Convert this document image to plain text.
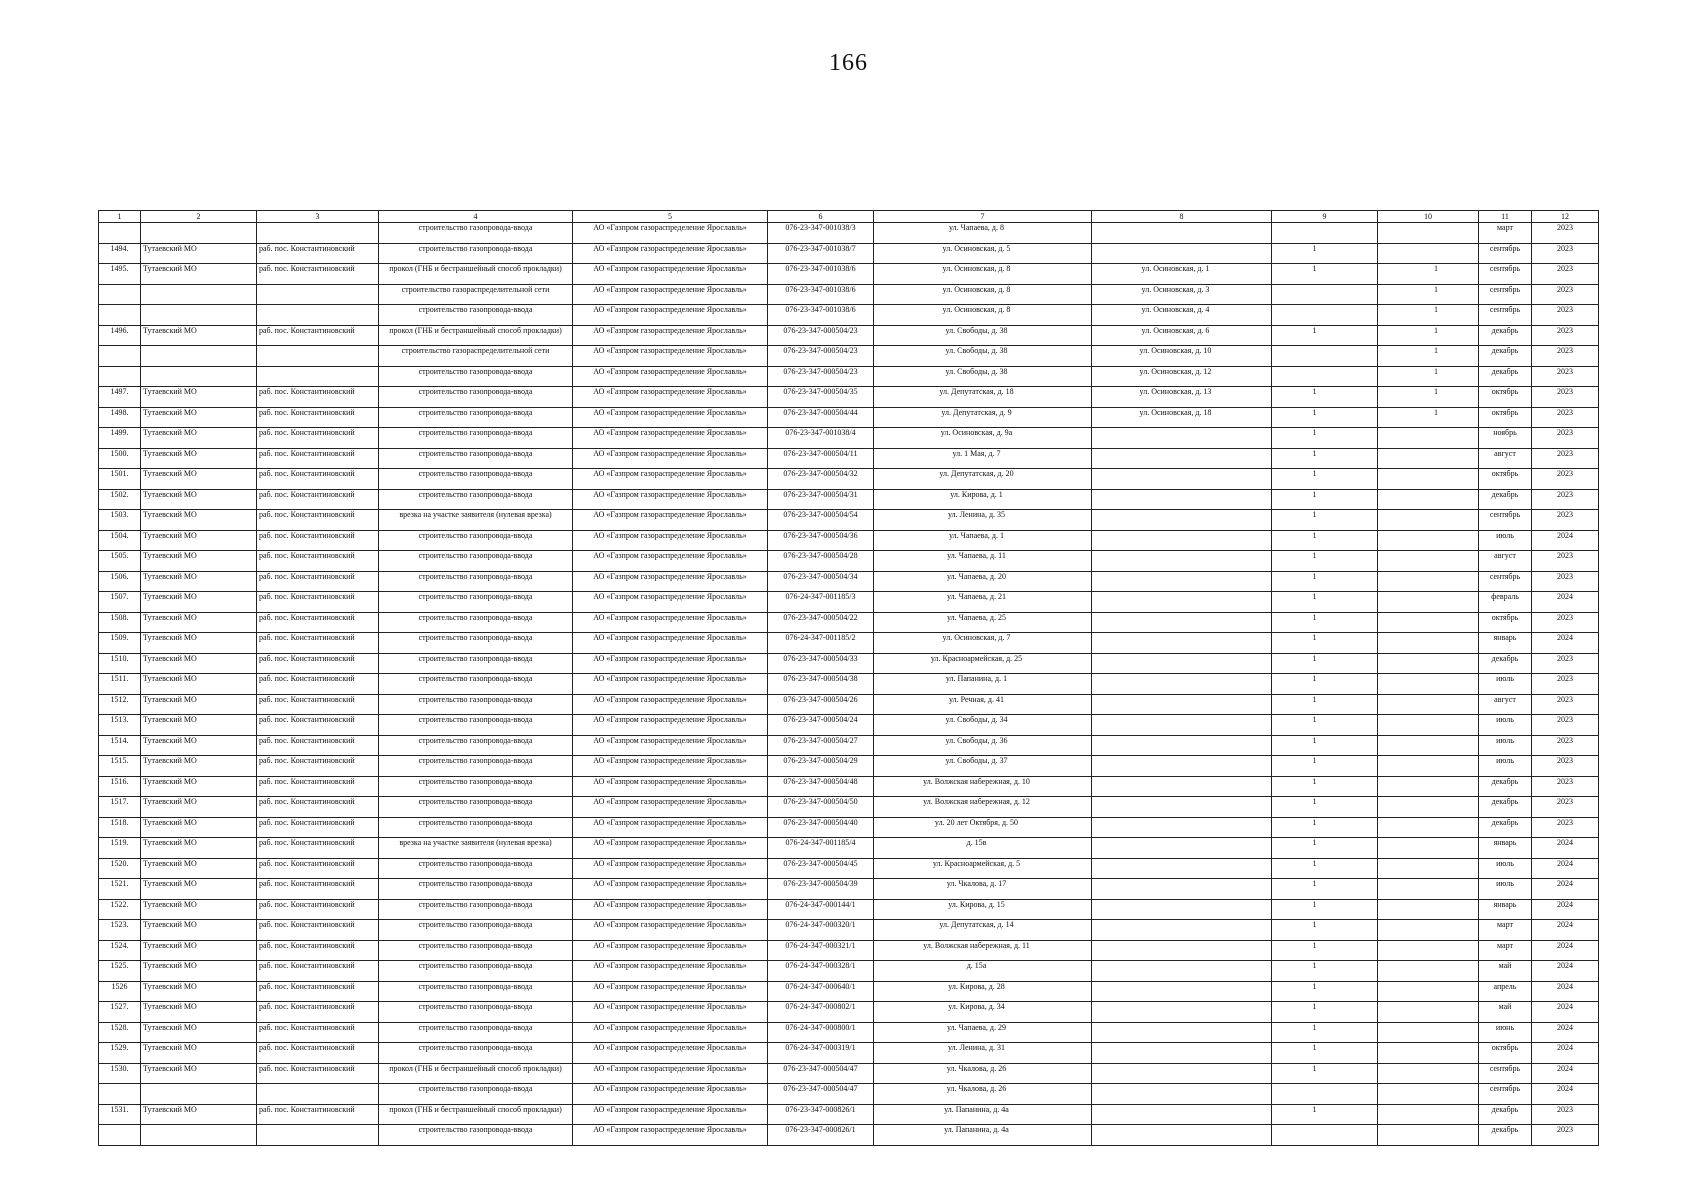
166
1	2	3	4	5	6	7	8	9	10	11	12
			строительство газопровода-ввода	АО «Газпром газораспределение Ярославль»	076-23-347-001038/3	ул. Чапаева, д. 8				март	2023
1494.	Тутаевский МО	раб. пос. Константиновский	строительство газопровода-ввода	АО «Газпром газораспределение Ярославль»	076-23-347-001038/7	ул. Осиновская, д. 5		1		сентябрь	2023
1495.	Тутаевский МО	раб. пос. Константиновский	прокол (ГНБ и бестраншейный способ прокладки)	АО «Газпром газораспределение Ярославль»	076-23-347-001038/6	ул. Осиновская, д. 8	ул. Осиновская, д. 1	1	1	сентябрь	2023
			строительство газораспределительной сети	АО «Газпром газораспределение Ярославль»	076-23-347-001038/6	ул. Осиновская, д. 8	ул. Осиновская, д. 3		1	сентябрь	2023
			строительство газопровода-ввода	АО «Газпром газораспределение Ярославль»	076-23-347-001038/6	ул. Осиновская, д. 8	ул. Осиновская, д. 4		1	сентябрь	2023
1496.	Тутаевский МО	раб. пос. Константиновский	прокол (ГНБ и бестраншейный способ прокладки)	АО «Газпром газораспределение Ярославль»	076-23-347-000504/23	ул. Свободы, д. 38	ул. Осиновская, д. 6	1	1	декабрь	2023
			строительство газораспределительной сети	АО «Газпром газораспределение Ярославль»	076-23-347-000504/23	ул. Свободы, д. 38	ул. Осиновская, д. 10		1	декабрь	2023
			строительство газопровода-ввода	АО «Газпром газораспределение Ярославль»	076-23-347-000504/23	ул. Свободы, д. 38	ул. Осиновская, д. 12		1	декабрь	2023
1497.	Тутаевский МО	раб. пос. Константиновский	строительство газопровода-ввода	АО «Газпром газораспределение Ярославль»	076-23-347-000504/35	ул. Депутатская, д. 18	ул. Осиновская, д. 13	1	1	октябрь	2023
1498.	Тутаевский МО	раб. пос. Константиновский	строительство газопровода-ввода	АО «Газпром газораспределение Ярославль»	076-23-347-000504/44	ул. Депутатская, д. 9	ул. Осиновская, д. 18	1	1	октябрь	2023
1499.	Тутаевский МО	раб. пос. Константиновский	строительство газопровода-ввода	АО «Газпром газораспределение Ярославль»	076-23-347-001038/4	ул. Осиновская, д. 9а		1		ноябрь	2023
1500.	Тутаевский МО	раб. пос. Константиновский	строительство газопровода-ввода	АО «Газпром газораспределение Ярославль»	076-23-347-000504/11	ул. 1 Мая, д. 7		1		август	2023
1501.	Тутаевский МО	раб. пос. Константиновский	строительство газопровода-ввода	АО «Газпром газораспределение Ярославль»	076-23-347-000504/32	ул. Депутатская, д. 20		1		октябрь	2023
1502.	Тутаевский МО	раб. пос. Константиновский	строительство газопровода-ввода	АО «Газпром газораспределение Ярославль»	076-23-347-000504/31	ул. Кирова, д. 1		1		декабрь	2023
1503.	Тутаевский МО	раб. пос. Константиновский	врезка на участке заявителя (нулевая врезка)	АО «Газпром газораспределение Ярославль»	076-23-347-000504/54	ул. Ленина, д. 35		1		сентябрь	2023
1504.	Тутаевский МО	раб. пос. Константиновский	строительство газопровода-ввода	АО «Газпром газораспределение Ярославль»	076-23-347-000504/36	ул. Чапаева, д. 1		1		июль	2024
1505.	Тутаевский МО	раб. пос. Константиновский	строительство газопровода-ввода	АО «Газпром газораспределение Ярославль»	076-23-347-000504/28	ул. Чапаева, д. 11		1		август	2023
1506.	Тутаевский МО	раб. пос. Константиновский	строительство газопровода-ввода	АО «Газпром газораспределение Ярославль»	076-23-347-000504/34	ул. Чапаева, д. 20		1		сентябрь	2023
1507.	Тутаевский МО	раб. пос. Константиновский	строительство газопровода-ввода	АО «Газпром газораспределение Ярославль»	076-24-347-001185/3	ул. Чапаева, д. 21		1		февраль	2024
1508.	Тутаевский МО	раб. пос. Константиновский	строительство газопровода-ввода	АО «Газпром газораспределение Ярославль»	076-23-347-000504/22	ул. Чапаева, д. 25		1		октябрь	2023
1509.	Тутаевский МО	раб. пос. Константиновский	строительство газопровода-ввода	АО «Газпром газораспределение Ярославль»	076-24-347-001185/2	ул. Осиновская, д. 7		1		январь	2024
1510.	Тутаевский МО	раб. пос. Константиновский	строительство газопровода-ввода	АО «Газпром газораспределение Ярославль»	076-23-347-000504/33	ул. Красноармейская, д. 25		1		декабрь	2023
1511.	Тутаевский МО	раб. пос. Константиновский	строительство газопровода-ввода	АО «Газпром газораспределение Ярославль»	076-23-347-000504/38	ул. Папанина, д. 1		1		июль	2023
1512.	Тутаевский МО	раб. пос. Константиновский	строительство газопровода-ввода	АО «Газпром газораспределение Ярославль»	076-23-347-000504/26	ул. Речная, д. 41		1		август	2023
1513.	Тутаевский МО	раб. пос. Константиновский	строительство газопровода-ввода	АО «Газпром газораспределение Ярославль»	076-23-347-000504/24	ул. Свободы, д. 34		1		июль	2023
1514.	Тутаевский МО	раб. пос. Константиновский	строительство газопровода-ввода	АО «Газпром газораспределение Ярославль»	076-23-347-000504/27	ул. Свободы, д. 36		1		июль	2023
1515.	Тутаевский МО	раб. пос. Константиновский	строительство газопровода-ввода	АО «Газпром газораспределение Ярославль»	076-23-347-000504/29	ул. Свободы, д. 37		1		июль	2023
1516.	Тутаевский МО	раб. пос. Константиновский	строительство газопровода-ввода	АО «Газпром газораспределение Ярославль»	076-23-347-000504/48	ул. Волжская набережная, д. 10		1		декабрь	2023
1517.	Тутаевский МО	раб. пос. Константиновский	строительство газопровода-ввода	АО «Газпром газораспределение Ярославль»	076-23-347-000504/50	ул. Волжская набережная, д. 12		1		декабрь	2023
1518.	Тутаевский МО	раб. пос. Константиновский	строительство газопровода-ввода	АО «Газпром газораспределение Ярославль»	076-23-347-000504/40	ул. 20 лет Октября, д. 50		1		декабрь	2023
1519.	Тутаевский МО	раб. пос. Константиновский	врезка на участке заявителя (нулевая врезка)	АО «Газпром газораспределение Ярославль»	076-24-347-001185/4	д. 15в		1		январь	2024
1520.	Тутаевский МО	раб. пос. Константиновский	строительство газопровода-ввода	АО «Газпром газораспределение Ярославль»	076-23-347-000504/45	ул. Красноармейская, д. 5		1		июль	2024
1521.	Тутаевский МО	раб. пос. Константиновский	строительство газопровода-ввода	АО «Газпром газораспределение Ярославль»	076-23-347-000504/39	ул. Чкалова, д. 17		1		июль	2024
1522.	Тутаевский МО	раб. пос. Константиновский	строительство газопровода-ввода	АО «Газпром газораспределение Ярославль»	076-24-347-000144/1	ул. Кирова, д. 15		1		январь	2024
1523.	Тутаевский МО	раб. пос. Константиновский	строительство газопровода-ввода	АО «Газпром газораспределение Ярославль»	076-24-347-000320/1	ул. Депутатская, д. 14		1		март	2024
1524.	Тутаевский МО	раб. пос. Константиновский	строительство газопровода-ввода	АО «Газпром газораспределение Ярославль»	076-24-347-000321/1	ул. Волжская набережная, д. 11		1		март	2024
1525.	Тутаевский МО	раб. пос. Константиновский	строительство газопровода-ввода	АО «Газпром газораспределение Ярославль»	076-24-347-000328/1	д. 15а		1		май	2024
1526	Тутаевский МО	раб. пос. Константиновский	строительство газопровода-ввода	АО «Газпром газораспределение Ярославль»	076-24-347-000640/1	ул. Кирова, д. 28		1		апрель	2024
1527.	Тутаевский МО	раб. пос. Константиновский	строительство газопровода-ввода	АО «Газпром газораспределение Ярославль»	076-24-347-000802/1	ул. Кирова, д. 34		1		май	2024
1528.	Тутаевский МО	раб. пос. Константиновский	строительство газопровода-ввода	АО «Газпром газораспределение Ярославль»	076-24-347-000800/1	ул. Чапаева, д. 29		1		июнь	2024
1529.	Тутаевский МО	раб. пос. Константиновский	строительство газопровода-ввода	АО «Газпром газораспределение Ярославль»	076-24-347-000319/1	ул. Ленина, д. 31		1		октябрь	2024
1530.	Тутаевский МО	раб. пос. Константиновский	прокол (ГНБ и бестраншейный способ прокладки)	АО «Газпром газораспределение Ярославль»	076-23-347-000504/47	ул. Чкалова, д. 26		1		сентябрь	2024
			строительство газопровода-ввода	АО «Газпром газораспределение Ярославль»	076-23-347-000504/47	ул. Чкалова, д. 26				сентябрь	2024
1531.	Тутаевский МО	раб. пос. Константиновский	прокол (ГНБ и бестраншейный способ прокладки)	АО «Газпром газораспределение Ярославль»	076-23-347-000826/1	ул. Папанина, д. 4а		1		декабрь	2023
			строительство газопровода-ввода	АО «Газпром газораспределение Ярославль»	076-23-347-000826/1	ул. Папанина, д. 4а				декабрь	2023
